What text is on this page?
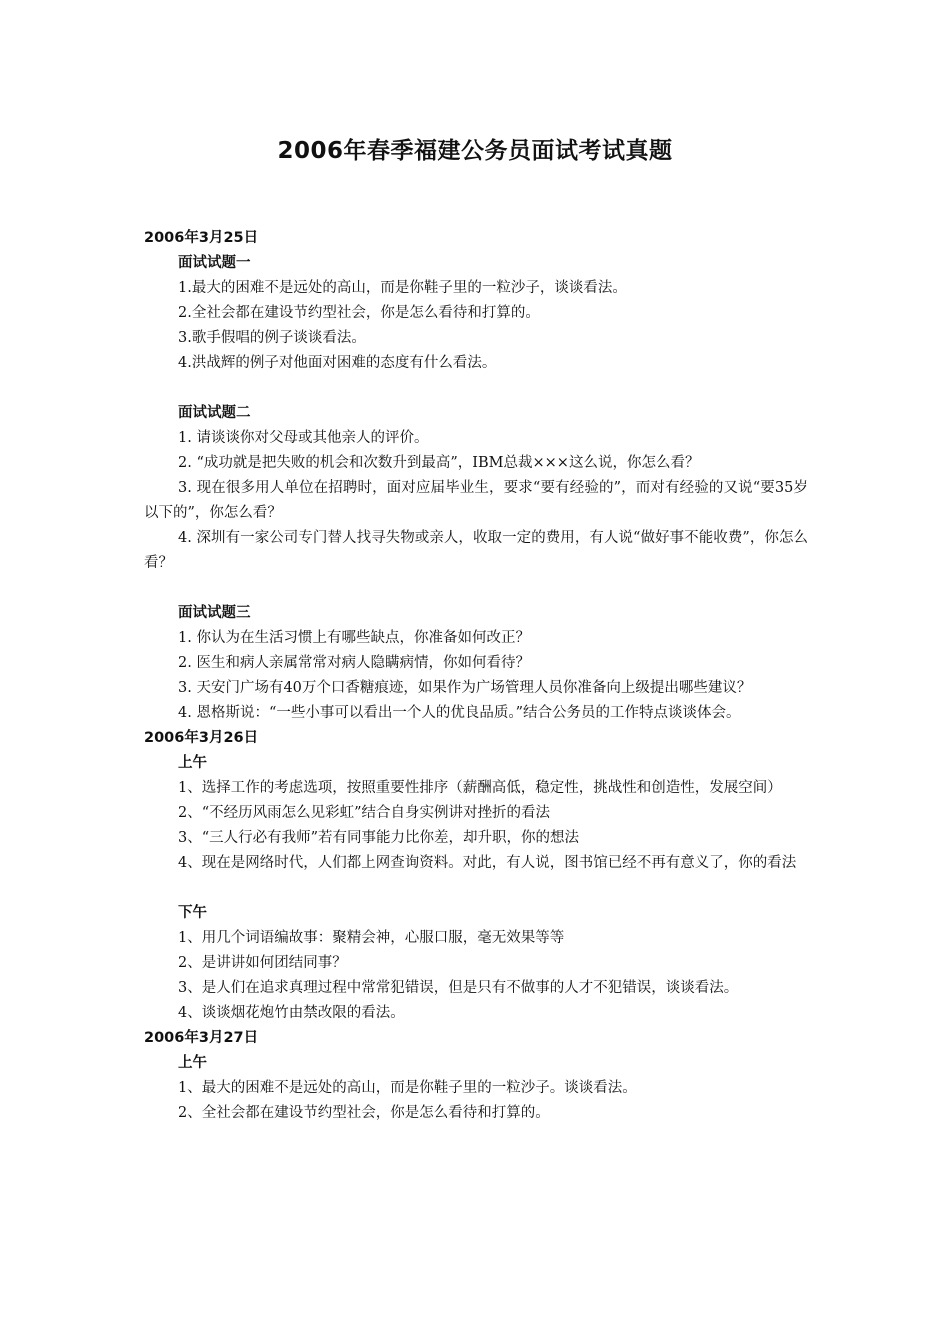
2006年春季福建公务员面试考试真题
2006年3月25日
面试试题一
1.最大的困难不是远处的高山，而是你鞋子里的一粒沙子，谈谈看法。
2.全社会都在建设节约型社会，你是怎么看待和打算的。
3.歌手假唱的例子谈谈看法。
4.洪战辉的例子对他面对困难的态度有什么看法。
面试试题二
1. 请谈谈你对父母或其他亲人的评价。
2. “成功就是把失败的机会和次数升到最高”，IBM总裁×××这么说，你怎么看？
3. 现在很多用人单位在招聘时，面对应届毕业生，要求“要有经验的”，而对有经验的又说“要35岁以下的”，你怎么看？
4. 深圳有一家公司专门替人找寻失物或亲人，收取一定的费用，有人说“做好事不能收费”，你怎么看？
面试试题三
1. 你认为在生活习惯上有哪些缺点，你准备如何改正？
2. 医生和病人亲属常常对病人隐瞒病情，你如何看待？
3. 天安门广场有40万个口香糖痕迹，如果作为广场管理人员你准备向上级提出哪些建议？
4. 恩格斯说：“一些小事可以看出一个人的优良品质。”结合公务员的工作特点谈谈体会。
2006年3月26日
上午
1、选择工作的考虑选项，按照重要性排序（薪酬高低，稳定性，挑战性和创造性，发展空间）
2、“不经历风雨怎么见彩虹”结合自身实例讲对挫折的看法
3、“三人行必有我师”若有同事能力比你差，却升职，你的想法
4、现在是网络时代，人们都上网查询资料。对此，有人说，图书馆已经不再有意义了，你的看法
下午
1、用几个词语编故事：聚精会神，心服口服，毫无效果等等
2、是讲讲如何团结同事？
3、是人们在追求真理过程中常常犯错误，但是只有不做事的人才不犯错误，谈谈看法。
4、谈谈烟花炮竹由禁改限的看法。
2006年3月27日
上午
1、最大的困难不是远处的高山，而是你鞋子里的一粒沙子。谈谈看法。
2、全社会都在建设节约型社会，你是怎么看待和打算的。
